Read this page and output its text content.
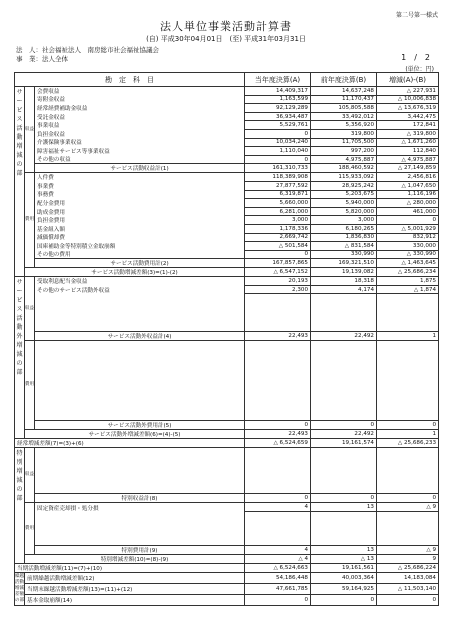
第二号第一様式
法人単位事業活動計算書
(自) 平成30年04月01日　(至) 平成31年03月31日
法　人：社会福祉法人　南房総市社会福祉協議会
事　業：法人全体	1　/　2
(単位：円)
勘　定　科　目			当年度決算(A)	前年度決算(B)	増減(A)-(B)
サービス活動増減の部	収益	会費収益	14,409,317	14,637,248	△ 227,931
		寄附金収益	1,163,599	11,170,437	△ 10,006,838
		経常経費補助金収益	92,129,289	105,805,588	△ 13,676,319
		受託金収益	36,934,487	33,492,012	3,442,475
		事業収益	5,529,761	5,356,920	172,841
		負担金収益	0	319,800	△ 319,800
		介護保険事業収益	10,034,240	11,705,500	△ 1,671,260
		障害福祉サービス等事業収益	1,110,040	997,200	112,840
		その他の収益	0	4,975,887	△ 4,975,887
		サービス活動収益計(1)	161,310,733	188,460,592	△ 27,149,859
	費用	人件費	118,389,908	115,933,092	2,456,816
		事業費	27,877,592	28,925,242	△ 1,047,650
		事務費	6,319,871	5,203,675	1,116,196
		配分金費用	5,660,000	5,940,000	△ 280,000
		助成金費用	6,281,000	5,820,000	461,000
		負担金費用	3,000	3,000	0
		基金組入額	1,178,336	6,180,265	△ 5,001,929
		減価償却費	2,669,742	1,836,830	832,912
		国庫補助金等特別積立金取崩額	△ 501,584	△ 831,584	330,000
		その他の費用	0	330,990	△ 330,990
		サービス活動費用計(2)	167,857,865	169,321,510	△ 1,463,645
	サービス活動増減差額(3)=(1)-(2)		△ 6,547,152	19,139,082	△ 25,686,234
サービス活動外増減の部	収益	受取利息配当金収益	20,193	18,318	1,875
		その他のサービス活動外収益	2,300	4,174	△ 1,874

		サービス活動外収益計(4)	22,493	22,492	1
	費用				
		サービス活動外費用計(5)	0	0	0
	サービス活動外増減差額(6)=(4)-(5)		22,493	22,492	1
経常増減差額(7)=(3)+(6)			△ 6,524,659	19,161,574	△ 25,686,233
特別増減の部	収益				
		特別収益計(8)	0	0	0
	費用	固定資産売却損・処分損	4	13	△ 9

		特別費用計(9)	4	13	△ 9
	特別増減差額(10)=(8)-(9)		△ 4	△ 13	9
当期活動増減差額(11)=(7)+(10)			△ 6,524,663	19,161,561	△ 25,686,224
繰越活動増減差額の部	前期繰越活動増減差額(12)		54,186,448	40,003,364	14,183,084
	当期末繰越活動増減差額(13)=(11)+(12)		47,661,785	59,164,925	△ 11,503,140
	基本金取崩額(14)		0	0	0
